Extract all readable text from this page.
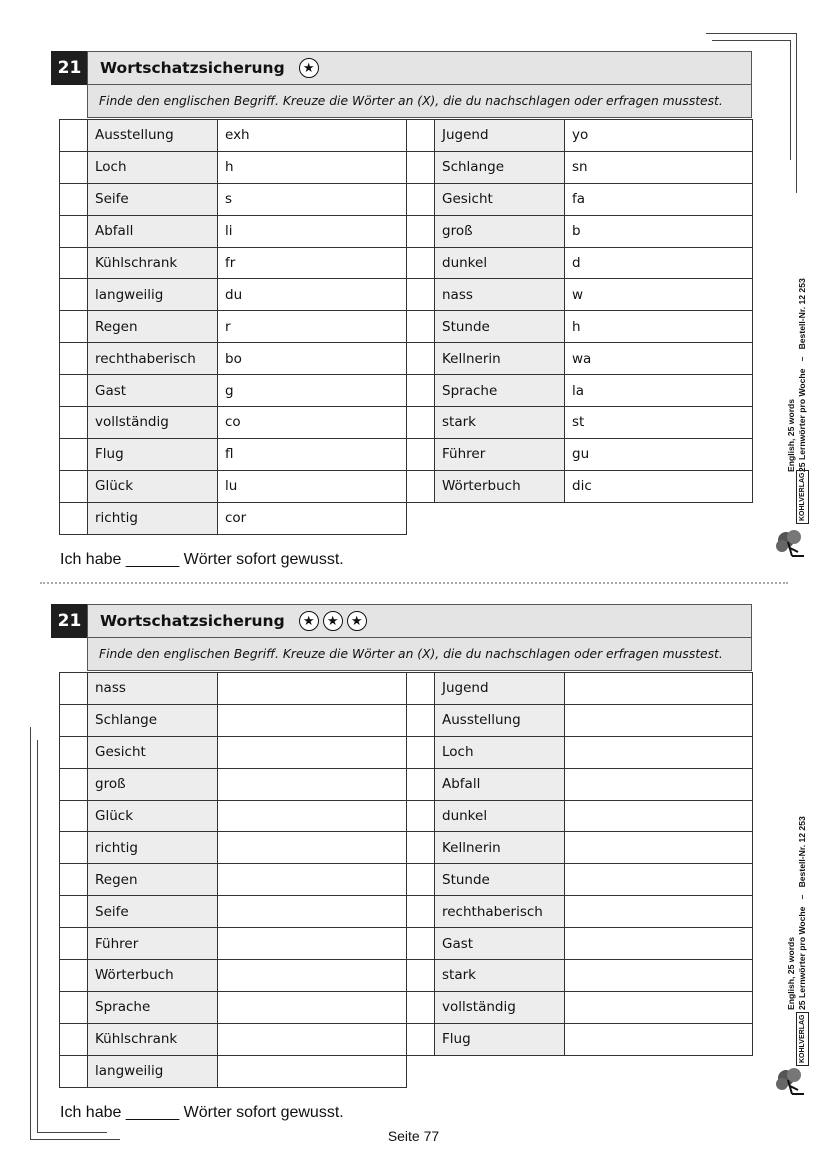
21	Wortschatzsicherung	★
Finde den englischen Begriff. Kreuze die Wörter an (X), die du nachschlagen oder erfragen musstest.
	Ausstellung	exh		Jugend	yo
	Loch	h		Schlange	sn
	Seife	s		Gesicht	fa
	Abfall	li		groß	b
	Kühlschrank	fr		dunkel	d
	langweilig	du		nass	w
	Regen	r		Stunde	h
	rechthaberisch	bo		Kellnerin	wa
	Gast	g		Sprache	la
	vollständig	co		stark	st
	Flug	fl		Führer	gu
	Glück	lu		Wörterbuch	dic
	richtig	cor			
Ich habe ______ Wörter sofort gewusst.
21	Wortschatzsicherung	★ ★ ★
Finde den englischen Begriff. Kreuze die Wörter an (X), die du nachschlagen oder erfragen musstest.
	nass			Jugend	
	Schlange			Ausstellung	
	Gesicht			Loch	
	groß			Abfall	
	Glück			dunkel	
	richtig			Kellnerin	
	Regen			Stunde	
	Seife			rechthaberisch	
	Führer			Gast	
	Wörterbuch			stark	
	Sprache			vollständig	
	Kühlschrank			Flug	
	langweilig				
Ich habe ______ Wörter sofort gewusst.
English, 25 words 25 Lernwörter pro Woche   –   Bestell-Nr. 12 253
KOHLVERLAG
English, 25 words 25 Lernwörter pro Woche   –   Bestell-Nr. 12 253
KOHLVERLAG
Seite 77
